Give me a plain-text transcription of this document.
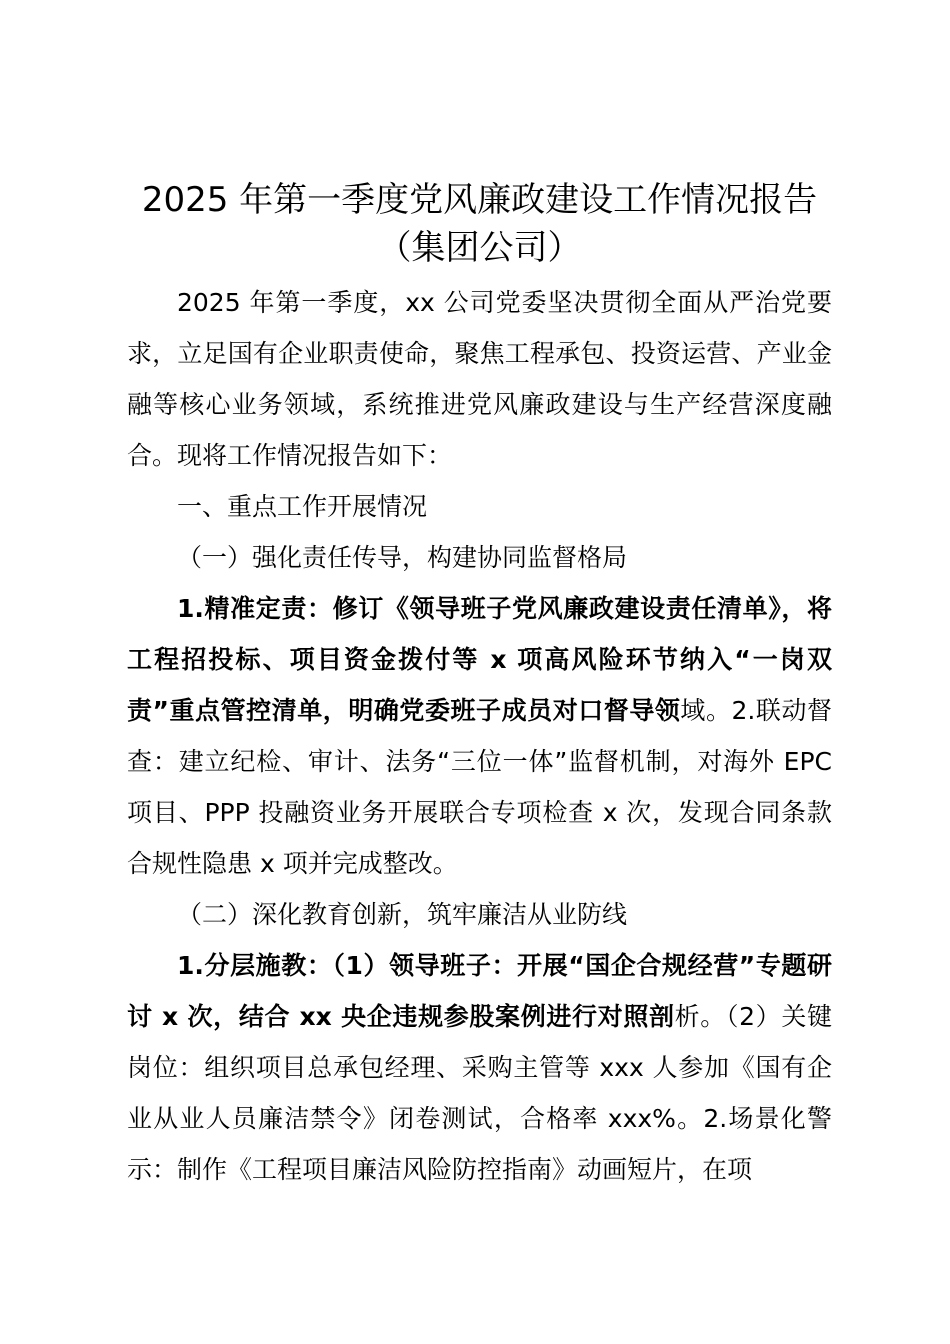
2025 年第一季度党风廉政建设工作情况报告
（集团公司）

2025 年第一季度，xx 公司党委坚决贯彻全面从严治党要求，立足国有企业职责使命，聚焦工程承包、投资运营、产业金融等核心业务领域，系统推进党风廉政建设与生产经营深度融合。现将工作情况报告如下：

一、重点工作开展情况

（一）强化责任传导，构建协同监督格局

1.精准定责：修订《领导班子党风廉政建设责任清单》，将工程招投标、项目资金拨付等 x 项高风险环节纳入“一岗双责”重点管控清单，明确党委班子成员对口督导领域。2.联动督查：建立纪检、审计、法务“三位一体”监督机制，对海外 EPC 项目、PPP 投融资业务开展联合专项检查 x 次，发现合同条款合规性隐患 x 项并完成整改。

（二）深化教育创新，筑牢廉洁从业防线

1.分层施教：（1）领导班子：开展“国企合规经营”专题研讨 x 次，结合 xx 央企违规参股案例进行对照剖析。（2）关键岗位：组织项目总承包经理、采购主管等 xxx 人参加《国有企业从业人员廉洁禁令》闭卷测试，合格率 xxx%。2.场景化警示：制作《工程项目廉洁风险防控指南》动画短片，在项
